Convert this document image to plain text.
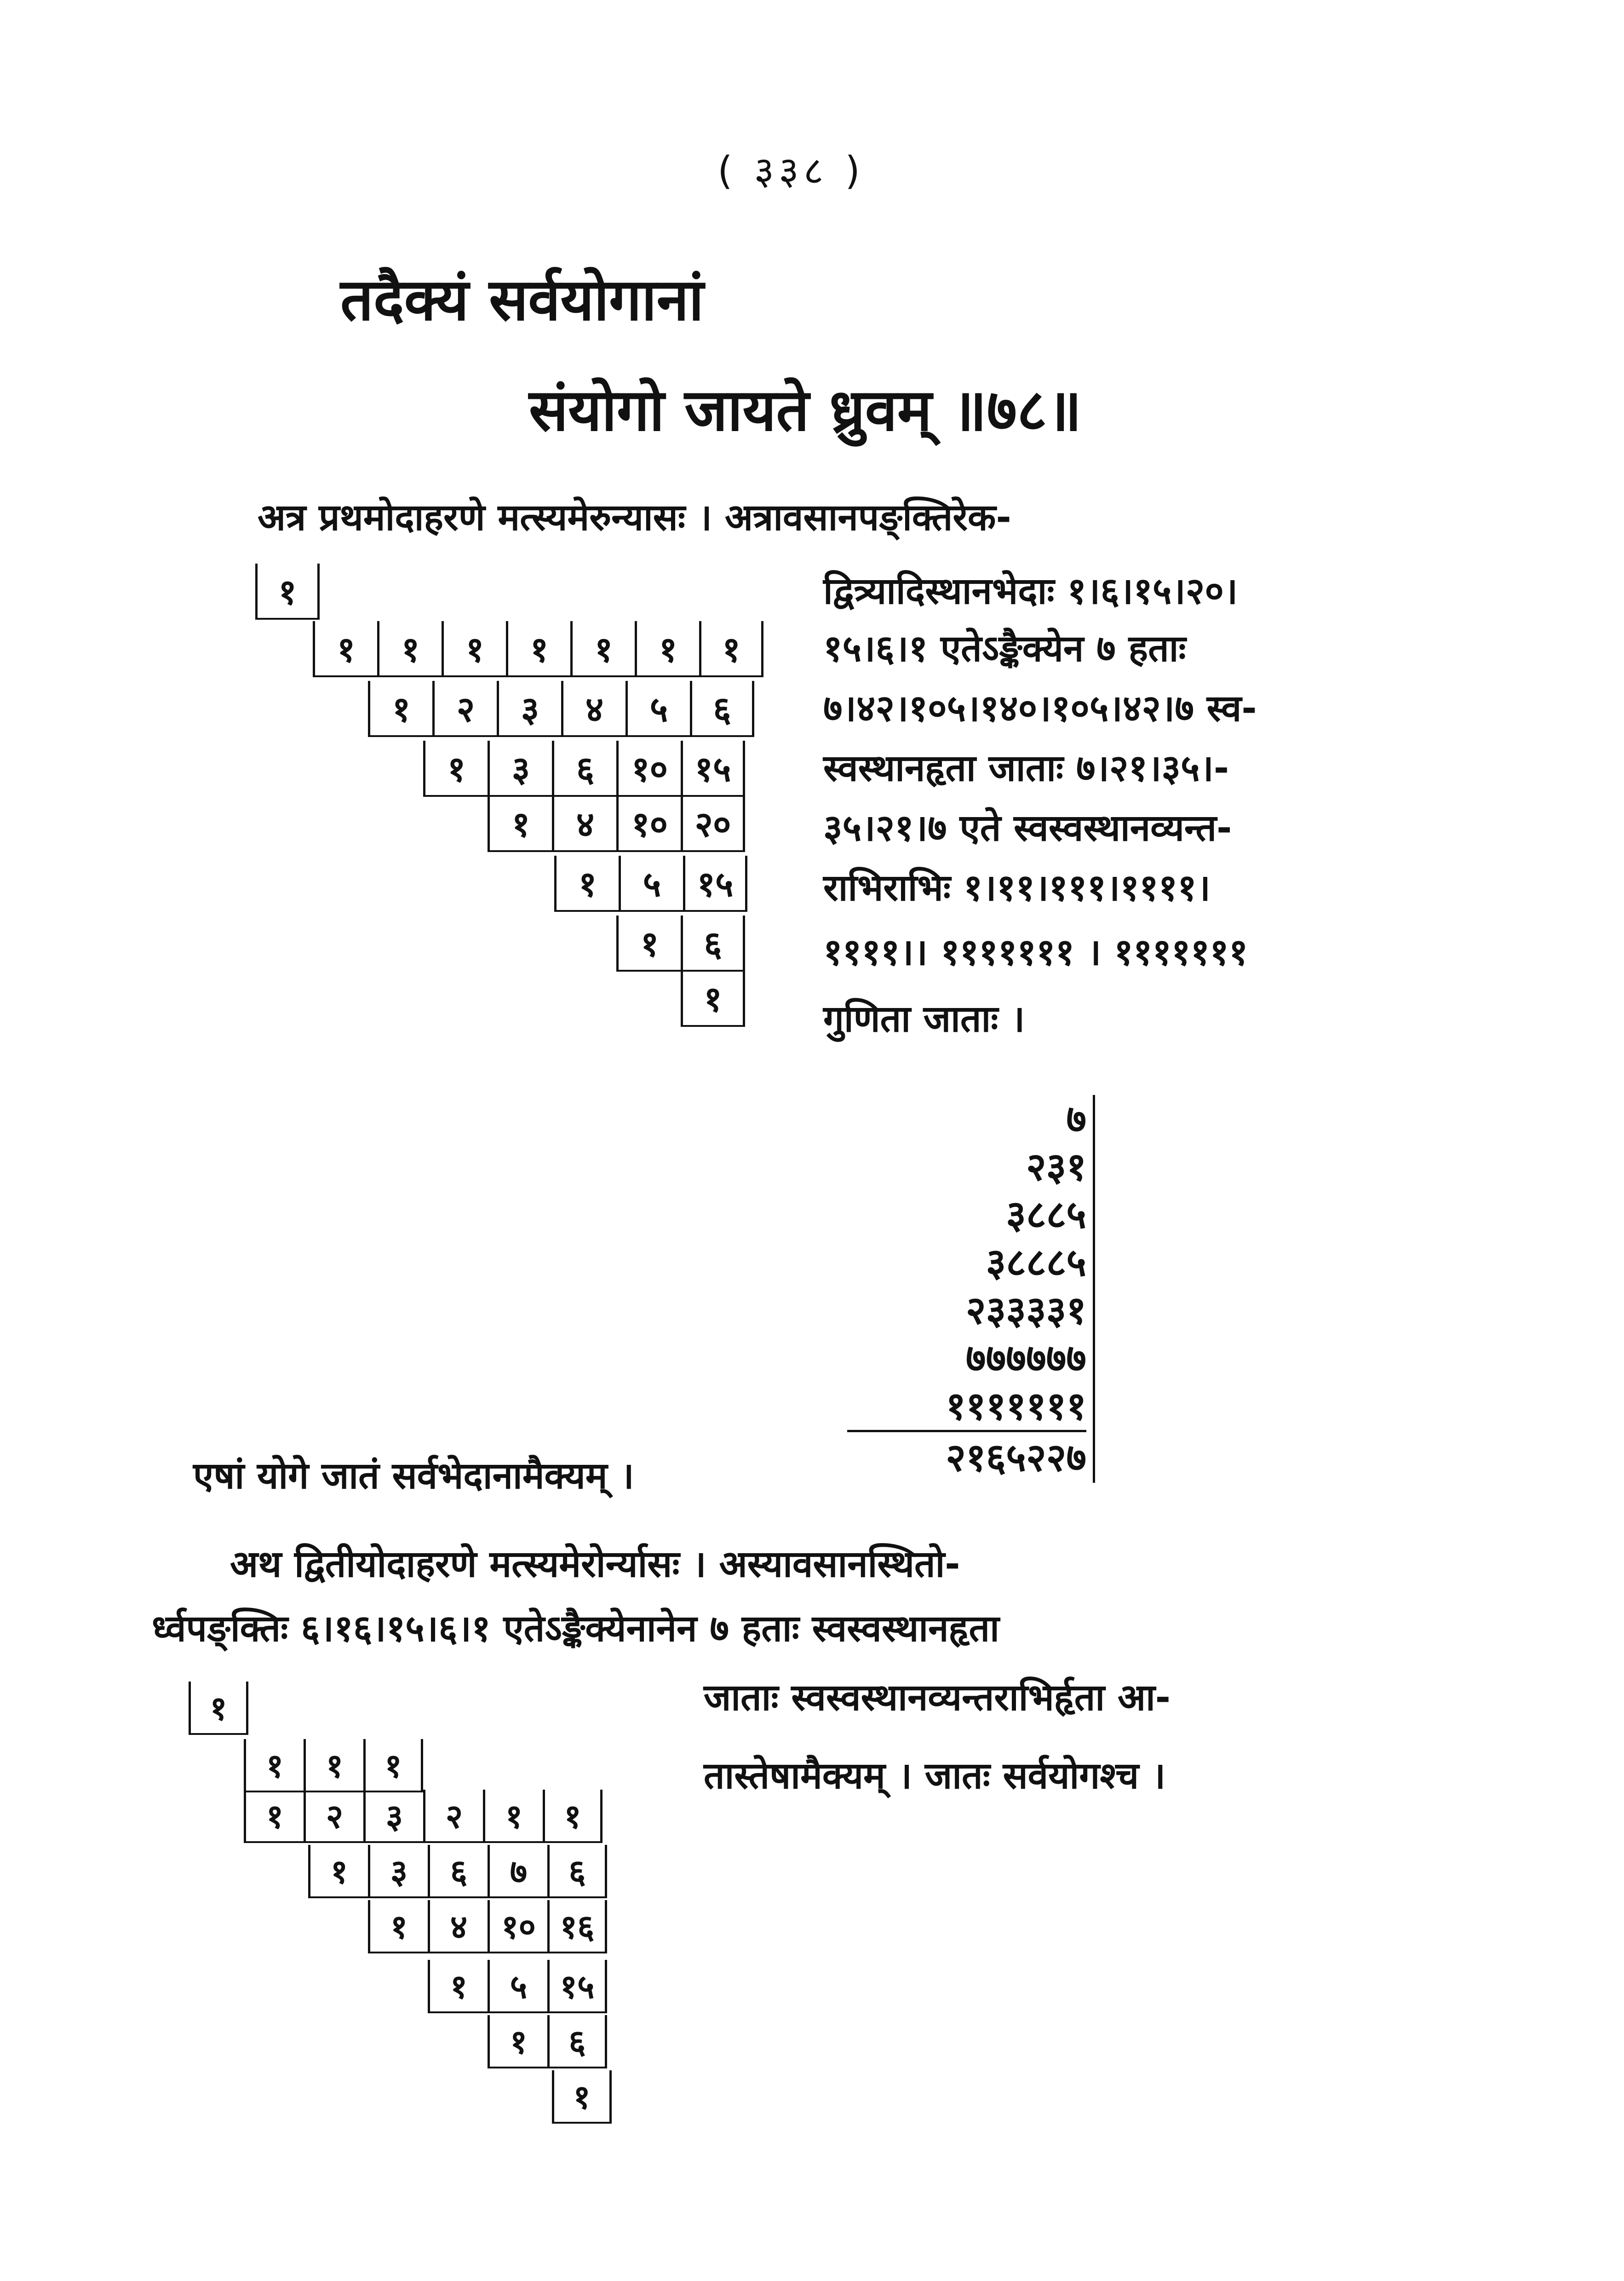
( ३३८ )
तदैक्यं सर्वयोगानां
संयोगो जायते ध्रुवम् ॥७८॥
अत्र प्रथमोदाहरणे मत्स्यमेरुन्यासः । अत्रावसानपङ्क्तिरेक-
द्वित्र्यादिस्थानभेदाः १।६।१५।२०।
१५।६।१ एतेऽङ्कैक्येन ७ हताः
७।४२।१०५।१४०।१०५।४२।७ स्व-
स्वस्थानहृता जाताः ७।२१।३५।-
३५।२१।७ एते स्वस्वस्थानव्यन्त-
राभिराभिः १।११।१११।११११।
११११।। १११११११ । १११११११
गुणिता जाताः ।
१
१	१	१	१	१	१	१
१	२	३	४	५	६
१	३	६	१० १५
१	४	१० २०
१	५	१५
१	६
१
७
२३१
३८८५
३८८८५
२३३३३१
७७७७७७
१११११११
२१६५२२७
एषां योगे जातं सर्वभेदानामैक्यम् ।
अथ द्वितीयोदाहरणे मत्स्यमेरोर्न्यासः । अस्यावसानस्थितो-
र्ध्वपङ्क्तिः ६।१६।१५।६।१ एतेऽङ्कैक्येनानेन ७ हताः स्वस्वस्थानहृता
जाताः स्वस्वस्थानव्यन्तराभिर्हृता आ-
तास्तेषामैक्यम् । जातः सर्वयोगश्च ।
१
१	१	१
१	२	३	२	१	१
१	३	६	७	६
१	४	१० १६
१	५ १५
१	६
१
